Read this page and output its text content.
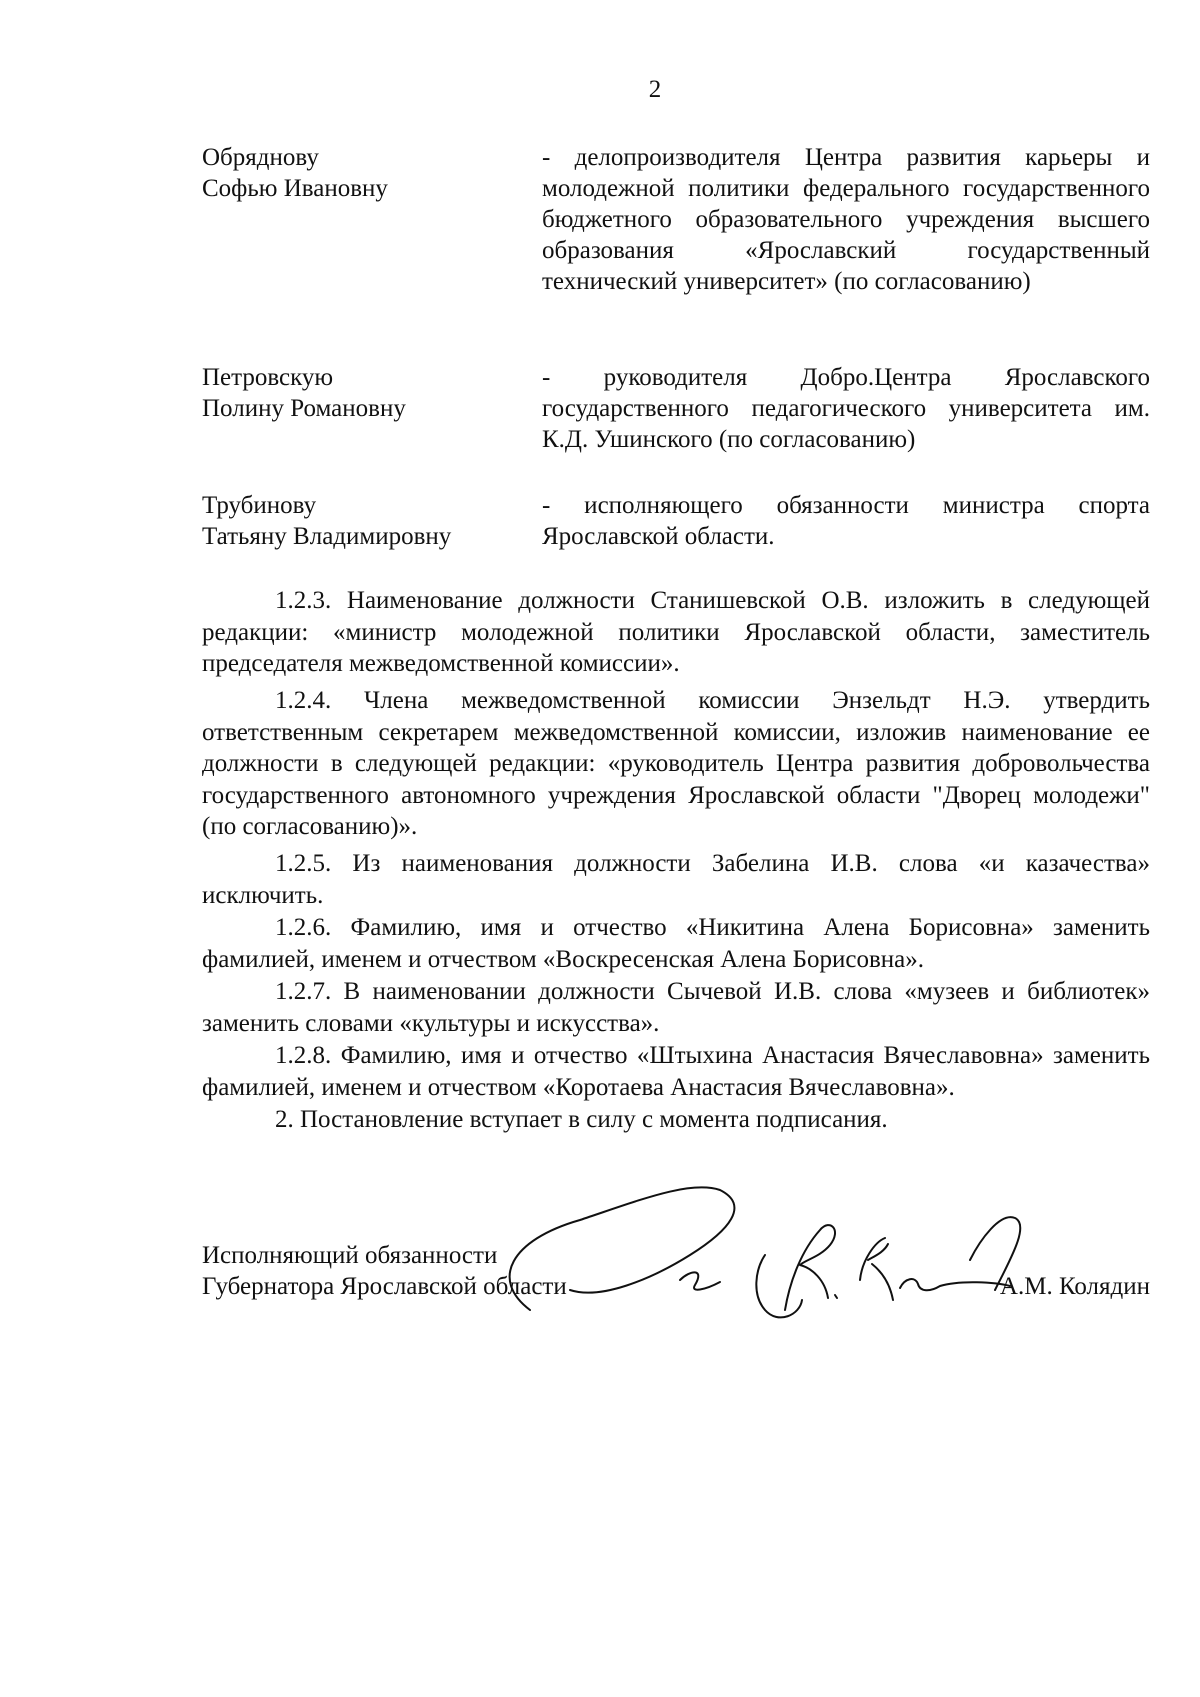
2
Обряднову
Софью Ивановну
- делопроизводителя Центра развития карьеры и молодежной политики федерального государственного бюджетного образовательного учреждения высшего образования «Ярославский государственный технический университет» (по согласованию)
Петровскую
Полину Романовну
- руководителя Добро.Центра Ярославского государственного педагогического университета им. К.Д. Ушинского (по согласованию)
Трубинову
Татьяну Владимировну
- исполняющего обязанности министра спорта Ярославской области.

1.2.3. Наименование должности Станишевской О.В. изложить в следующей редакции: «министр молодежной политики Ярославской области, заместитель председателя межведомственной комиссии».

1.2.4. Члена межведомственной комиссии Энзельдт Н.Э. утвердить ответственным секретарем межведомственной комиссии, изложив наименование ее должности в следующей редакции: «руководитель Центра развития добровольчества государственного автономного учреждения Ярославской области "Дворец молодежи" (по согласованию)».

1.2.5. Из наименования должности Забелина И.В. слова «и казачества» исключить.

1.2.6. Фамилию, имя и отчество «Никитина Алена Борисовна» заменить фамилией, именем и отчеством «Воскресенская Алена Борисовна».

1.2.7. В наименовании должности Сычевой И.В. слова «музеев и библиотек» заменить словами «культуры и искусства».

1.2.8. Фамилию, имя и отчество «Штыхина Анастасия Вячеславовна» заменить фамилией, именем и отчеством «Коротаева Анастасия Вячеславовна».

2. Постановление вступает в силу с момента подписания.

Исполняющий обязанности
Губернатора Ярославской области	А.М. Колядин
